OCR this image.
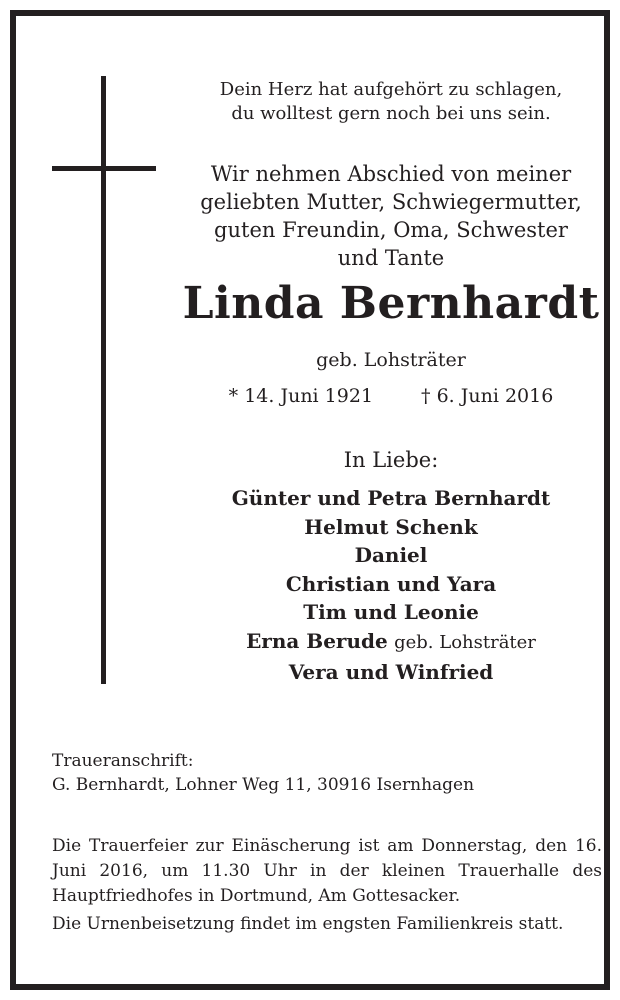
Dein Herz hat aufgehört zu schlagen,
du wolltest gern noch bei uns sein.
Wir nehmen Abschied von meiner
geliebten Mutter, Schwiegermutter,
guten Freundin, Oma, Schwester
und Tante
Linda Bernhardt
geb. Lohsträter
* 14. Juni 1921	† 6. Juni 2016
In Liebe:
Günter und Petra Bernhardt
Helmut Schenk
Daniel
Christian und Yara
Tim und Leonie
Erna Berude geb. Lohsträter
Vera und Winfried
Traueranschrift:
G. Bernhardt, Lohner Weg 11, 30916 Isernhagen

Die Trauerfeier zur Einäscherung ist am Donnerstag, den 16. Juni 2016, um 11.30 Uhr in der kleinen Trauerhalle des Hauptfriedhofes in Dortmund, Am Gottesacker.

Die Urnenbeisetzung findet im engsten Familienkreis statt.
